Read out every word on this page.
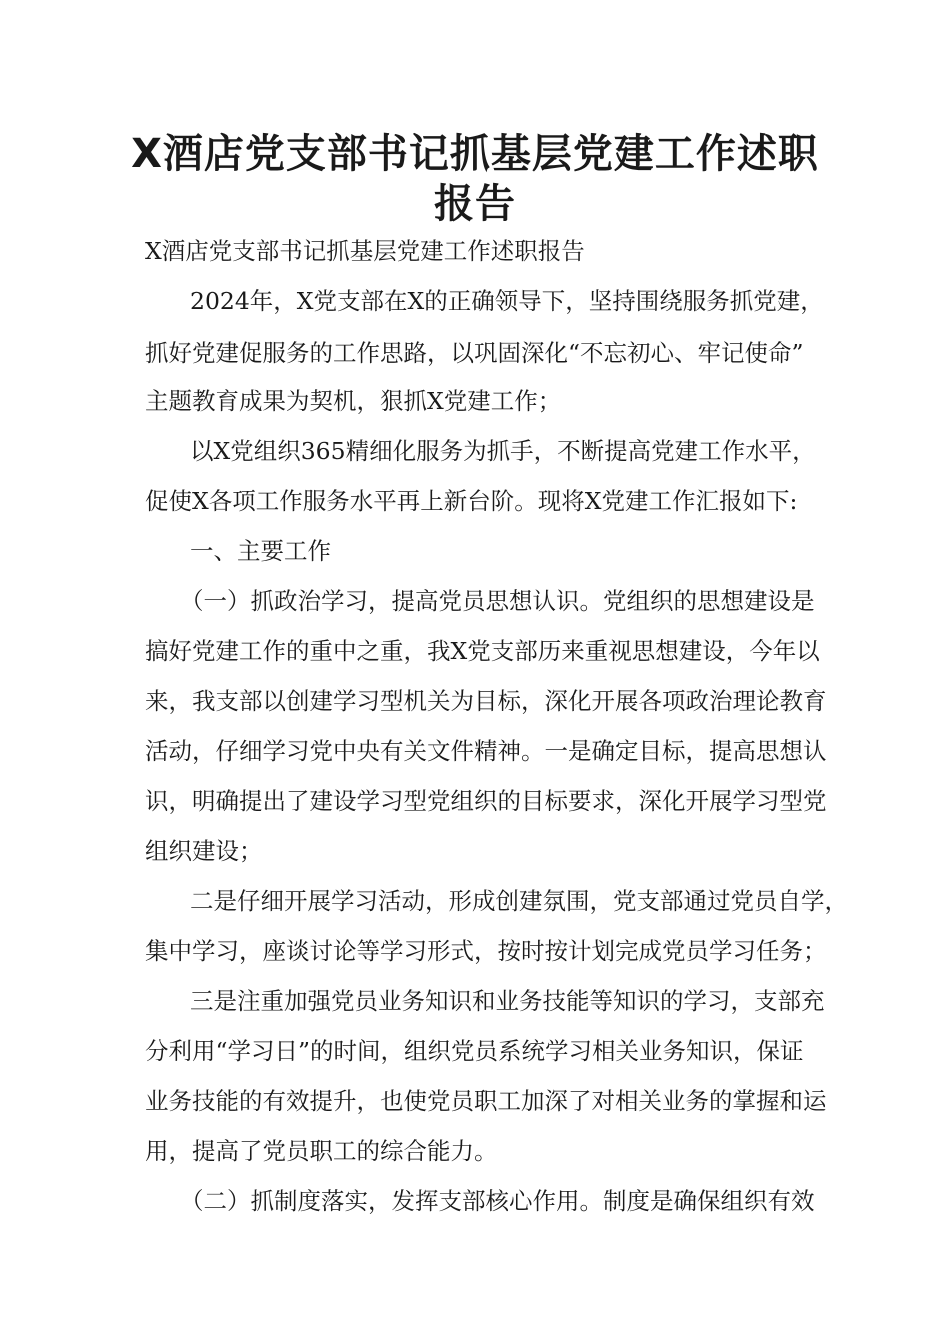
X酒店党支部书记抓基层党建工作述职
报告

X酒店党支部书记抓基层党建工作述职报告

2024年，X党支部在X的正确领导下，坚持围绕服务抓党建，

抓好党建促服务的工作思路，以巩固深化“不忘初心、牢记使命”

主题教育成果为契机，狠抓X党建工作；

以X党组织365精细化服务为抓手，不断提高党建工作水平，

促使X各项工作服务水平再上新台阶。现将X党建工作汇报如下:

一、主要工作

（一）抓政治学习，提高党员思想认识。党组织的思想建设是

搞好党建工作的重中之重，我X党支部历来重视思想建设，今年以

来，我支部以创建学习型机关为目标，深化开展各项政治理论教育

活动，仔细学习党中央有关文件精神。一是确定目标，提高思想认

识，明确提出了建设学习型党组织的目标要求，深化开展学习型党

组织建设；

二是仔细开展学习活动，形成创建氛围，党支部通过党员自学，

集中学习，座谈讨论等学习形式，按时按计划完成党员学习任务；

三是注重加强党员业务知识和业务技能等知识的学习，支部充

分利用“学习日”的时间，组织党员系统学习相关业务知识，保证

业务技能的有效提升，也使党员职工加深了对相关业务的掌握和运

用，提高了党员职工的综合能力。

（二）抓制度落实，发挥支部核心作用。制度是确保组织有效
